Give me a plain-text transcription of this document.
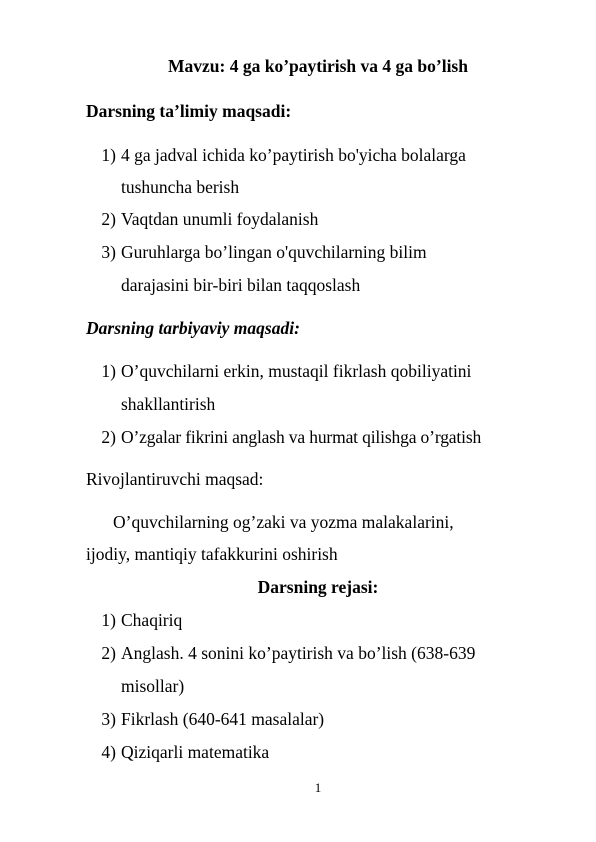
Mavzu: 4 ga ko’paytirish va 4 ga bo’lish
Darsning ta’limiy maqsadi:
1) 4 ga jadval ichida ko’paytirish bo'yicha bolalarga
tushuncha berish
2) Vaqtdan unumli foydalanish
3) Guruhlarga bo’lingan o'quvchilarning bilim
darajasini bir-biri bilan taqqoslash
Darsning tarbiyaviy maqsadi:
1) O’quvchilarni erkin, mustaqil fikrlash qobiliyatini
shakllantirish
2) O’zgalar fikrini anglash va hurmat qilishga o’rgatish
Rivojlantiruvchi maqsad:
O’quvchilarning og’zaki va yozma malakalarini,
ijodiy, mantiqiy tafakkurini oshirish
Darsning rejasi:
1) Chaqiriq
2) Anglash. 4 sonini ko’paytirish va bo’lish (638-639
misollar)
3) Fikrlash (640-641 masalalar)
4) Qiziqarli matematika
1
